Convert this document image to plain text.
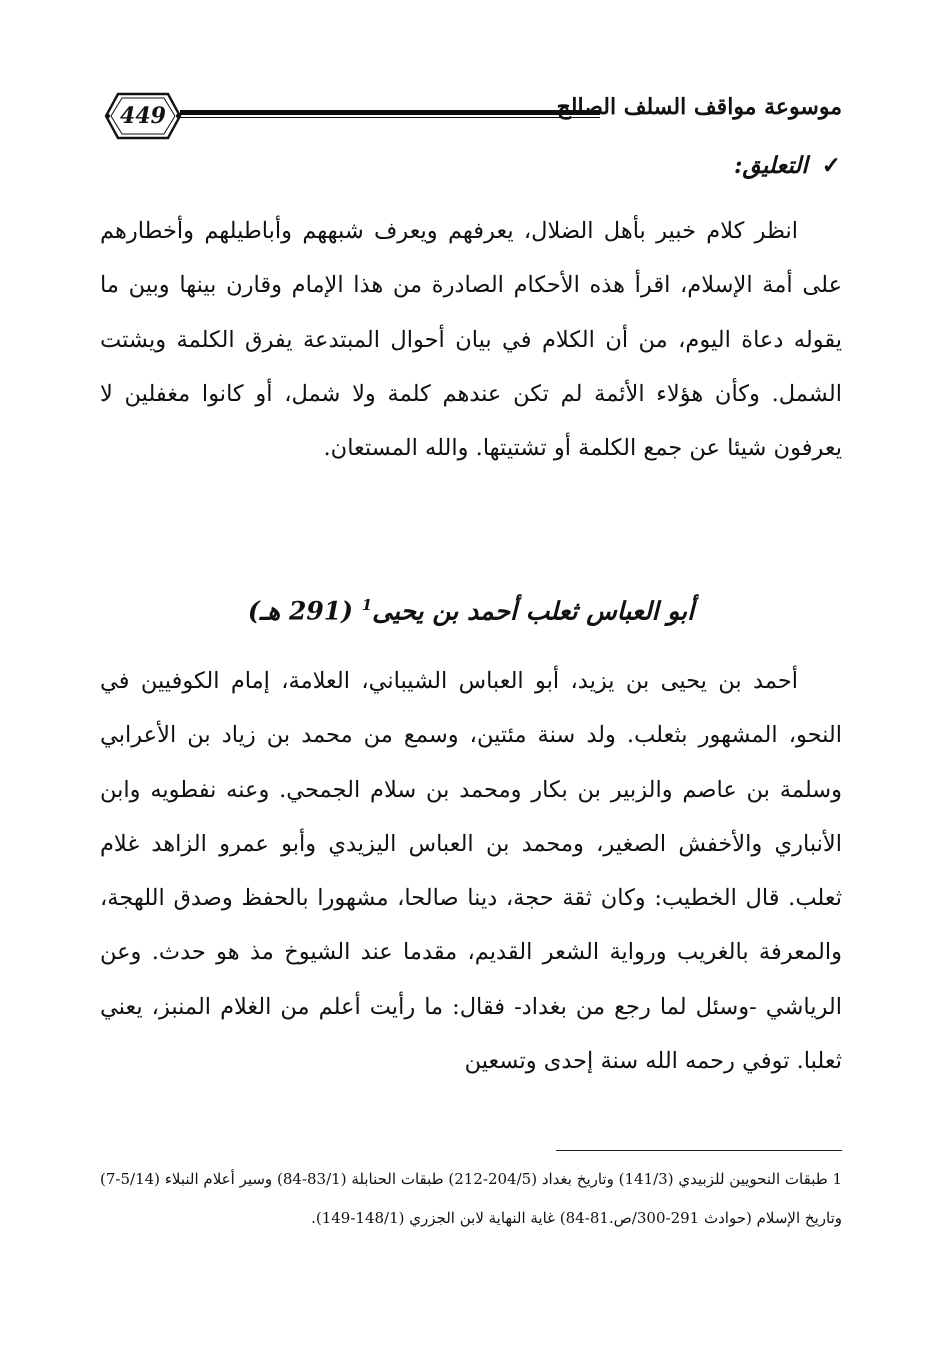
449	موسوعة مواقف السلف الصالح
✓التعليق:
انظر كلام خبير بأهل الضلال، يعرفهم ويعرف شبههم وأباطيلهم وأخطارهم على أمة الإسلام، اقرأ هذه الأحكام الصادرة من هذا الإمام وقارن بينها وبين ما يقوله دعاة اليوم، من أن الكلام في بيان أحوال المبتدعة يفرق الكلمة ويشتت الشمل. وكأن هؤلاء الأئمة لم تكن عندهم كلمة ولا شمل، أو كانوا مغفلين لا يعرفون شيئا عن جمع الكلمة أو تشتيتها. والله المستعان.
أبو العباس ثعلب أحمد بن يحيى$^1$ (291 هـ)
أحمد بن يحيى بن يزيد، أبو العباس الشيباني، العلامة، إمام الكوفيين في النحو، المشهور بثعلب. ولد سنة مئتين، وسمع من محمد بن زياد بن الأعرابي وسلمة بن عاصم والزبير بن بكار ومحمد بن سلام الجمحي. وعنه نفطويه وابن الأنباري والأخفش الصغير، ومحمد بن العباس اليزيدي وأبو عمرو الزاهد غلام ثعلب. قال الخطيب: وكان ثقة حجة، دينا صالحا، مشهورا بالحفظ وصدق اللهجة، والمعرفة بالغريب ورواية الشعر القديم، مقدما عند الشيوخ مذ هو حدث. وعن الرياشي -وسئل لما رجع من بغداد- فقال: ما رأيت أعلم من الغلام المنبز، يعني ثعلبا. توفي رحمه الله سنة إحدى وتسعين
1 طبقات النحويين للزبيدي (141/3) وتاريخ بغداد (204/5-212) طبقات الحنابلة (83/1-84) وسير أعلام النبلاء (5/14-7) وتاريخ الإسلام (حوادث 291-300/ص.81-84) غاية النهاية لابن الجزري (148/1-149).
